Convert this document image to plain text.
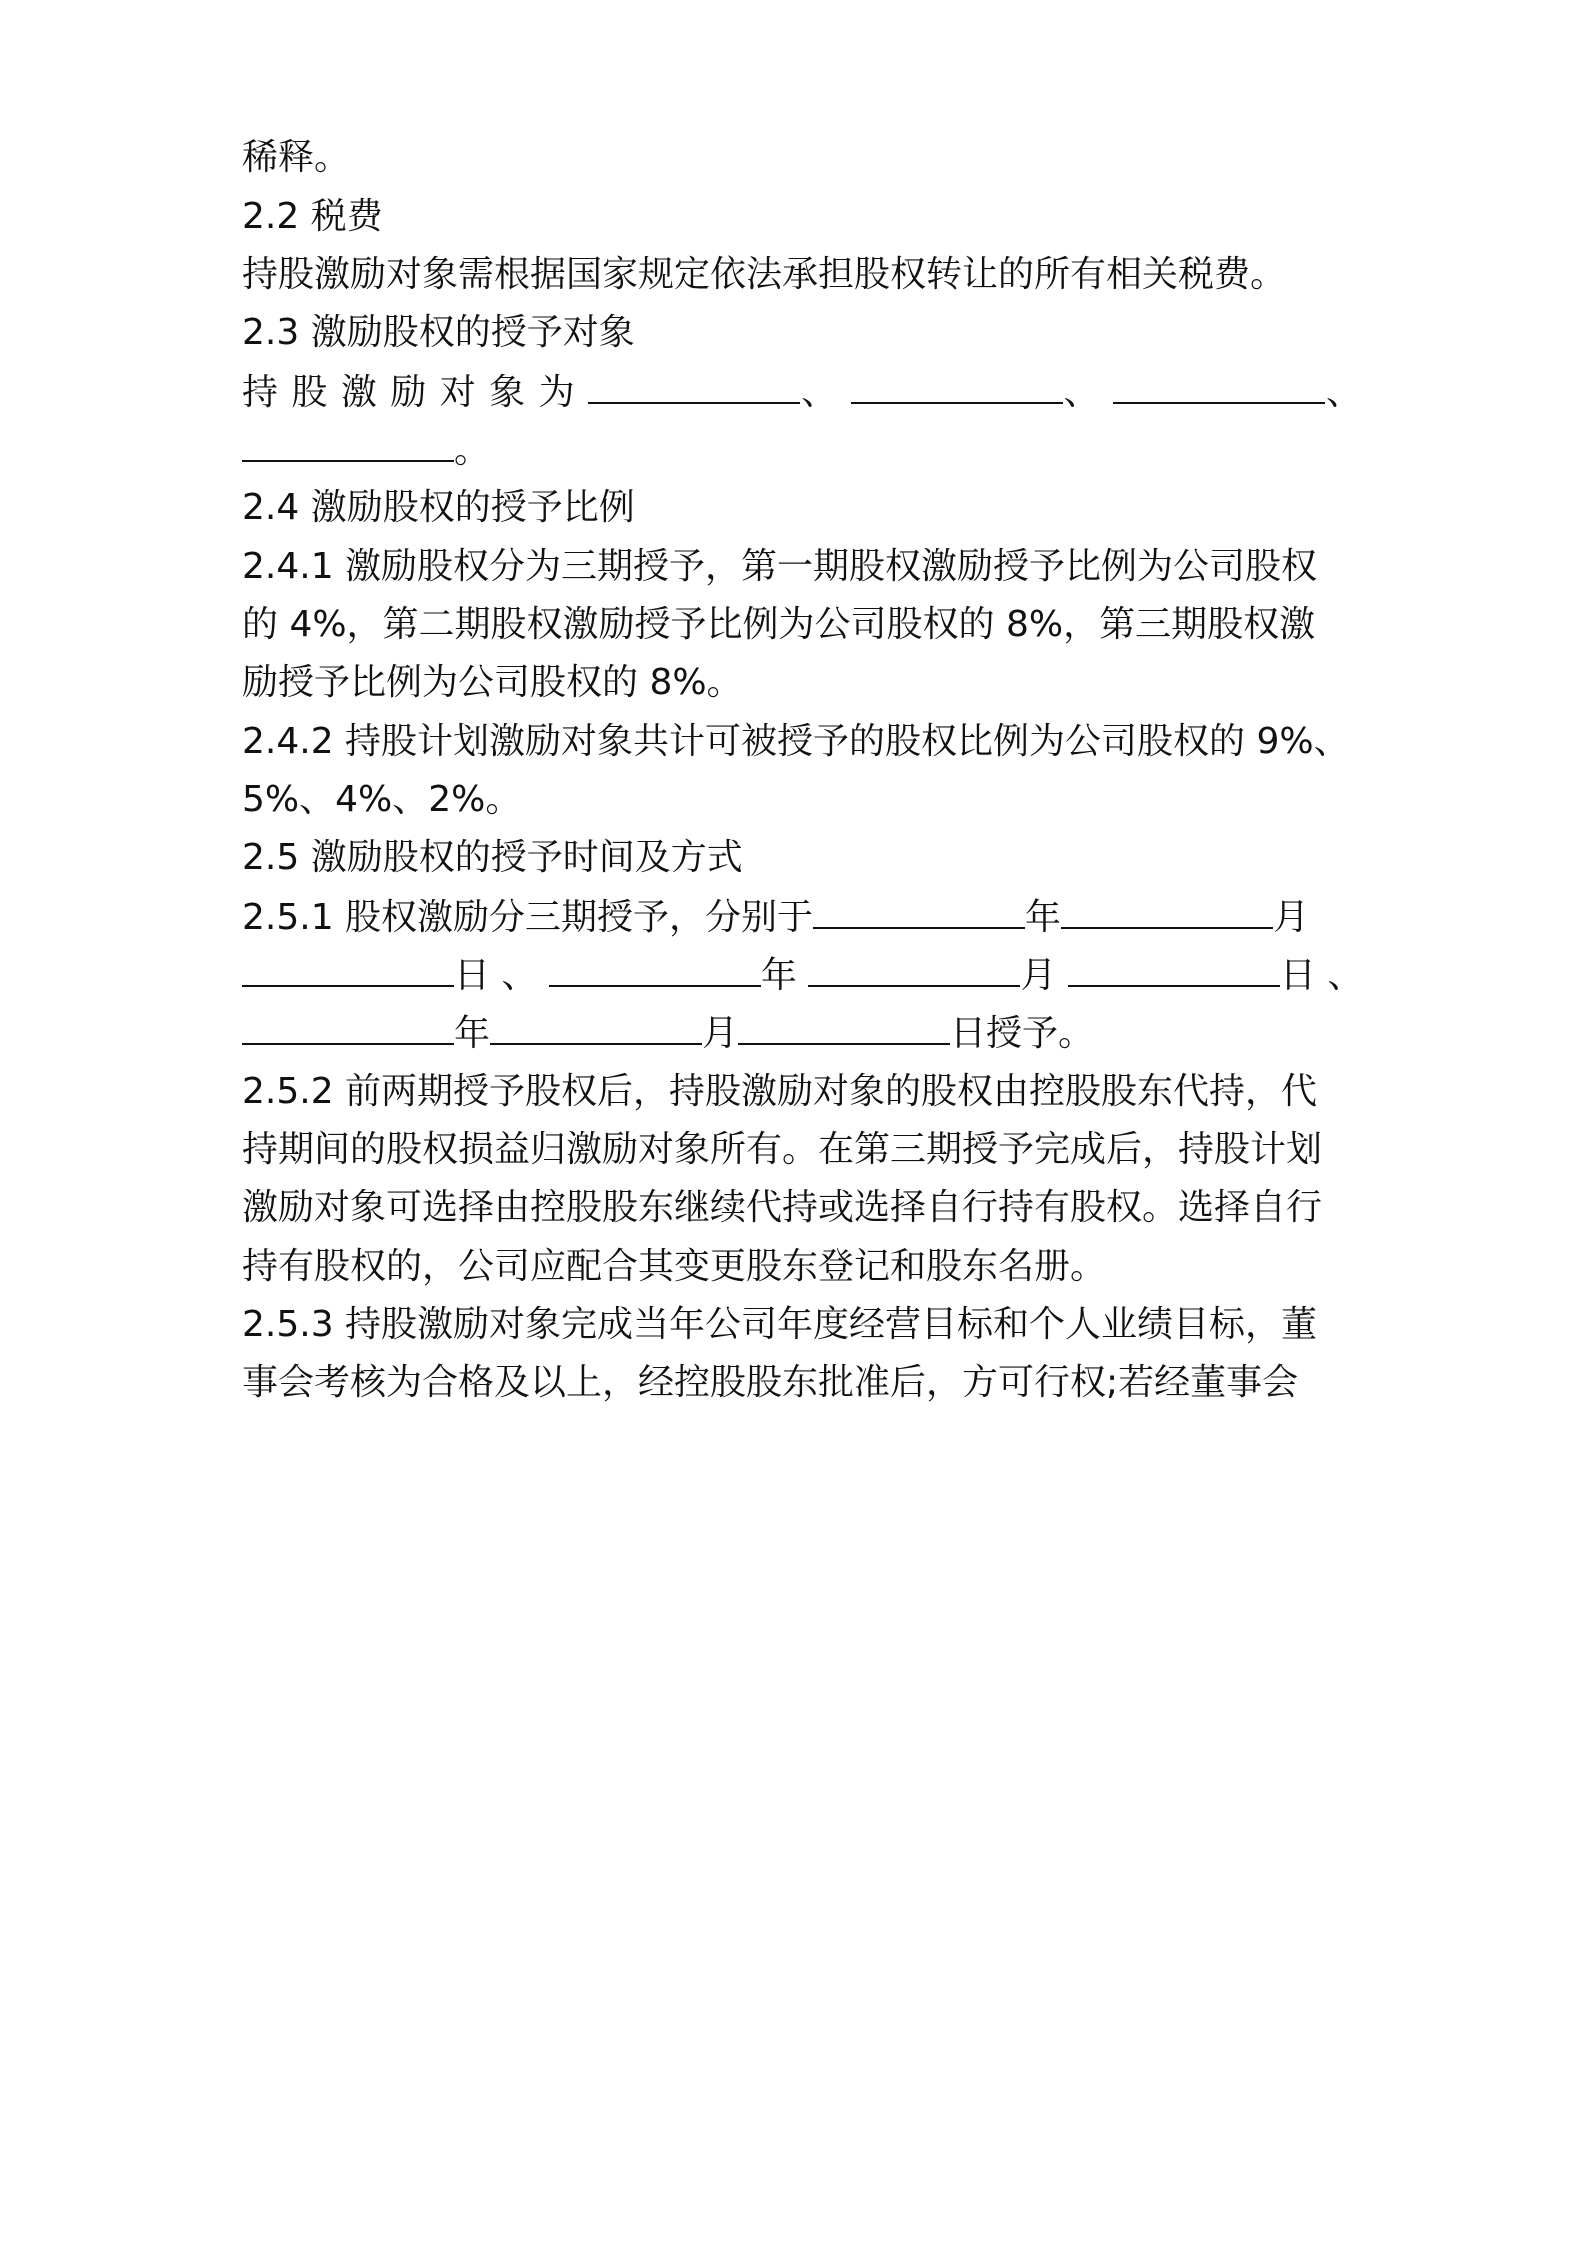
稀释。

2.2 税费

持股激励对象需根据国家规定依法承担股权转让的所有相关税费。

2.3 激励股权的授予对象

持 股 激 励 对 象 为	、	、	、
。

2.4 激励股权的授予比例

2.4.1 激励股权分为三期授予，第一期股权激励授予比例为公司股权

的 4%，第二期股权激励授予比例为公司股权的 8%，第三期股权激

励授予比例为公司股权的 8%。

2.4.2 持股计划激励对象共计可被授予的股权比例为公司股权的 9%、

5%、4%、2%。

2.5 激励股权的授予时间及方式

2.5.1 股权激励分三期授予，分别于	年	月
日 、	年	月	日 、
年	月	日授予。

2.5.2 前两期授予股权后，持股激励对象的股权由控股股东代持，代

持期间的股权损益归激励对象所有。在第三期授予完成后，持股计划

激励对象可选择由控股股东继续代持或选择自行持有股权。选择自行

持有股权的，公司应配合其变更股东登记和股东名册。

2.5.3 持股激励对象完成当年公司年度经营目标和个人业绩目标，董

事会考核为合格及以上，经控股股东批准后，方可行权;若经董事会
